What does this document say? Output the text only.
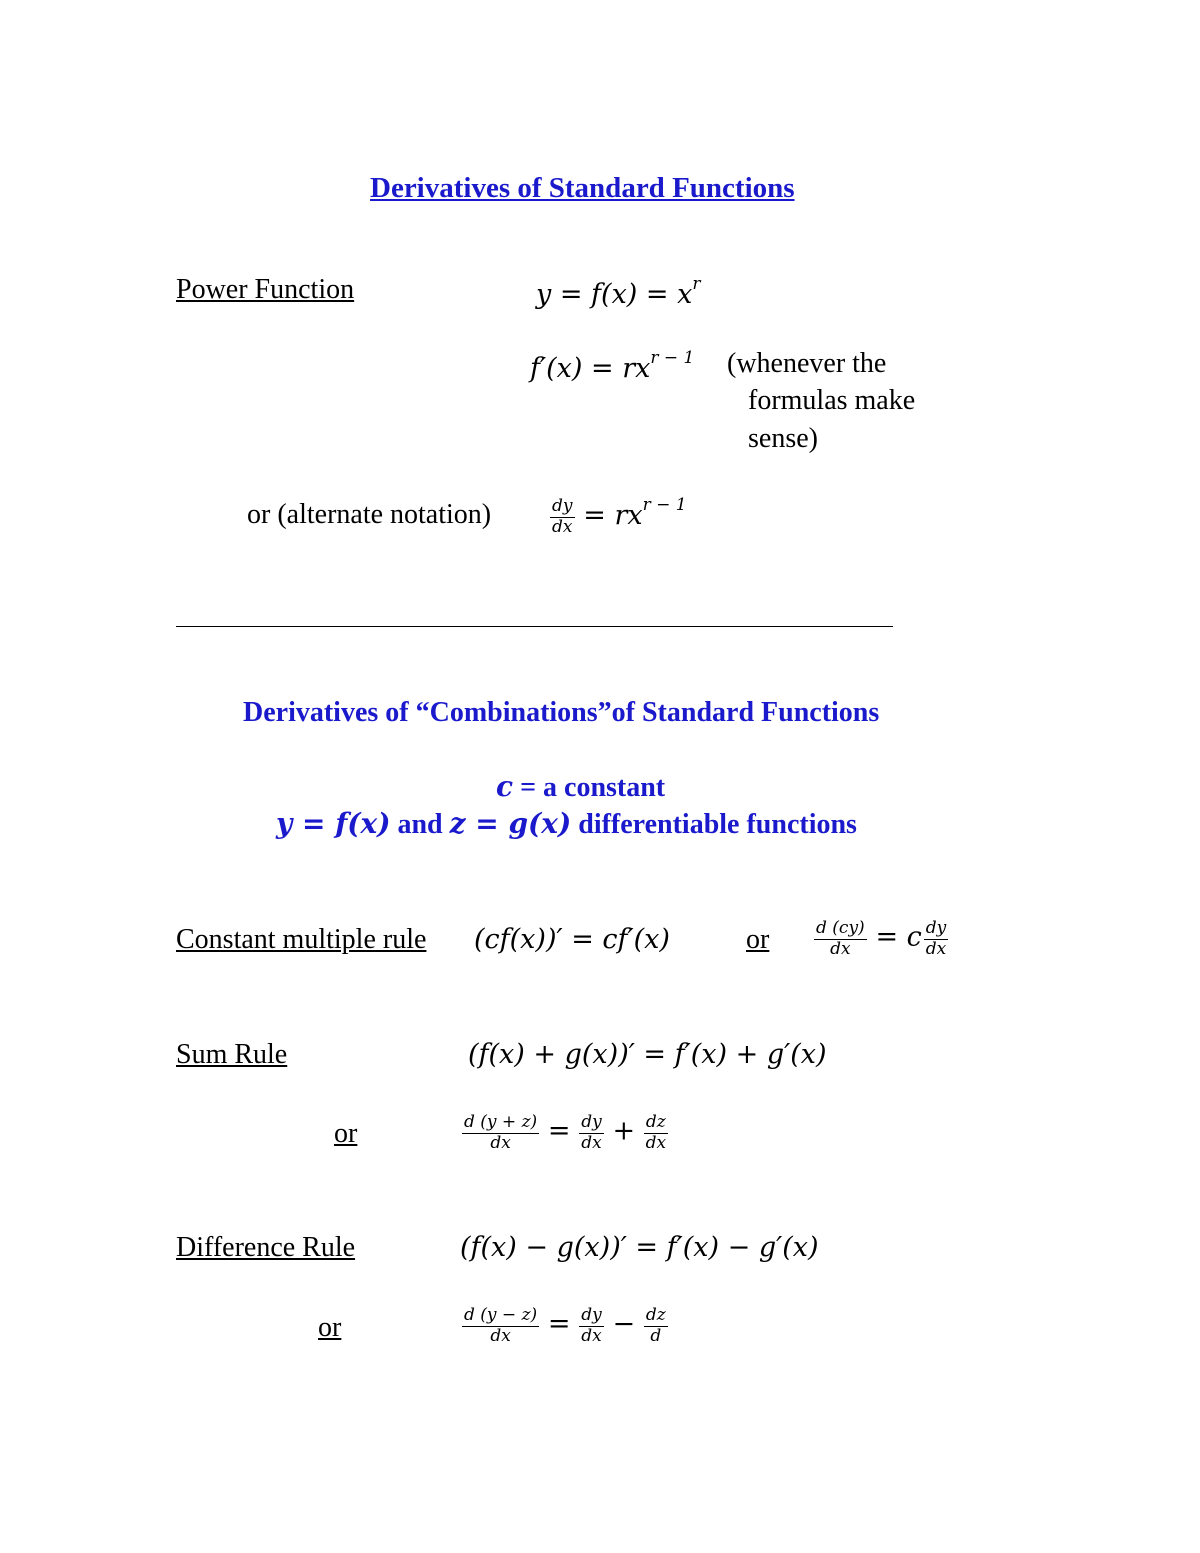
Derivatives of Standard Functions
Power Function	$y = f(x) = x^r$
$f'(x) = rx^{r - 1}$ (whenever the
formulas make
sense)
or (alternate notation)	$\frac{dy}{dx} = rx^{r - 1}$
Derivatives of “Combinations”of Standard Functions
c = a constant
y = f(x) and z = g(x) differentiable functions
Constant multiple rule (cf(x))′ = cf′(x)	or	$\frac{d (cy)}{dx} = c \frac{dy}{dx}$
Sum Rule	(f(x) + g(x))′ = f′(x) + g′(x)
or	$\frac{d (y + z)}{dx} = \frac{dy}{dx} + \frac{dz}{dx}$
Difference Rule	(f(x) − g(x))′ = f′(x) − g′(x)
or	$\frac{d (y - z)}{dx} = \frac{dy}{dx} - \frac{dz}{d}$
